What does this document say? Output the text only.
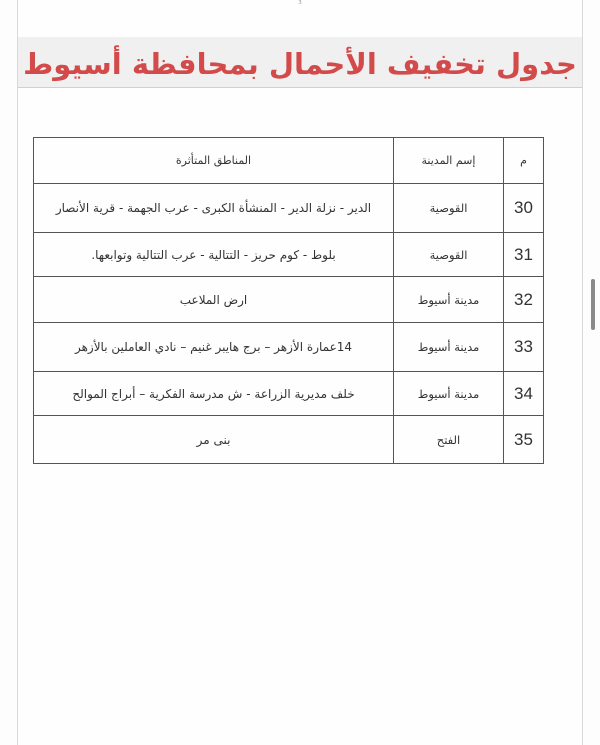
3
جدول تخفيف الأحمال بمحافظة أسيوط
م	إسم المدينة	المناطق المتأثرة
30	القوصية	الدير - نزلة الدير - المنشأة الكبرى - عرب الجهمة - قرية الأنصار
31	القوصية	بلوط - كوم حريز - التتالية - عرب التتالية وتوابعها.
32	مدينة أسيوط	ارض الملاعب
33	مدينة أسيوط	14عمارة الأزهر – برج هايبر غنيم – نادي العاملين بالأزهر
34	مدينة أسيوط	خلف مديرية الزراعة - ش مدرسة الفكرية – أبراج الموالح
35	الفتح	بنى مر
